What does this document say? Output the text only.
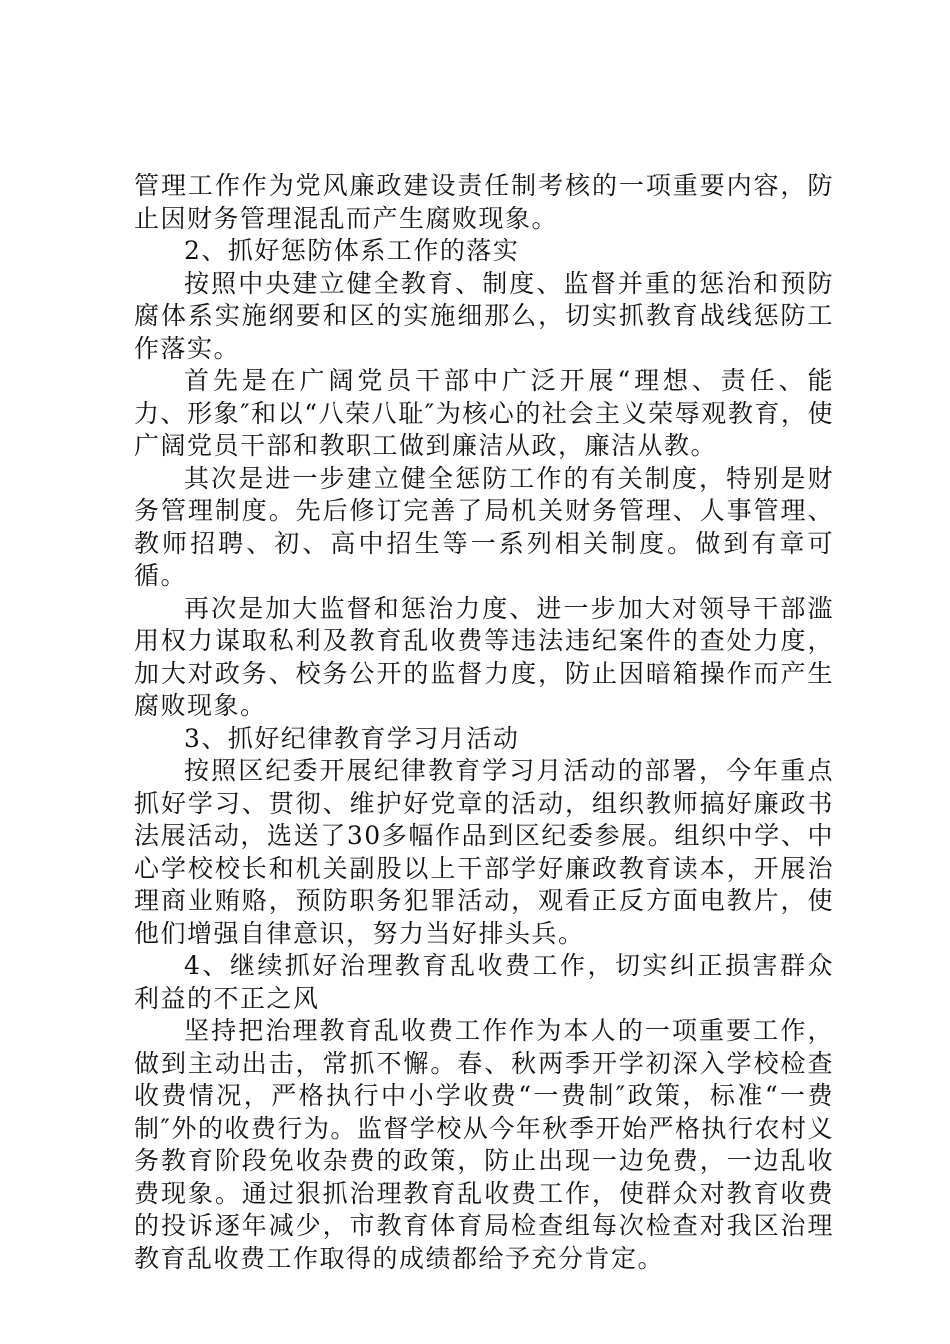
管理工作作为党风廉政建设责任制考核的一项重要内容，防止因财务管理混乱而产生腐败现象。

2、抓好惩防体系工作的落实

按照中央建立健全教育、制度、监督并重的惩治和预防腐体系实施纲要和区的实施细那么，切实抓教育战线惩防工作落实。

首先是在广阔党员干部中广泛开展“理想、责任、能力、形象″和以“八荣八耻″为核心的社会主义荣辱观教育，使广阔党员干部和教职工做到廉洁从政，廉洁从教。

其次是进一步建立健全惩防工作的有关制度，特别是财务管理制度。先后修订完善了局机关财务管理、人事管理、教师招聘、初、高中招生等一系列相关制度。做到有章可循。

再次是加大监督和惩治力度、进一步加大对领导干部滥用权力谋取私利及教育乱收费等违法违纪案件的查处力度，加大对政务、校务公开的监督力度，防止因暗箱操作而产生腐败现象。

3、抓好纪律教育学习月活动

按照区纪委开展纪律教育学习月活动的部署，今年重点抓好学习、贯彻、维护好党章的活动，组织教师搞好廉政书法展活动，选送了30多幅作品到区纪委参展。组织中学、中心学校校长和机关副股以上干部学好廉政教育读本，开展治理商业贿赂，预防职务犯罪活动，观看正反方面电教片，使他们增强自律意识，努力当好排头兵。

4、继续抓好治理教育乱收费工作，切实纠正损害群众利益的不正之风

坚持把治理教育乱收费工作作为本人的一项重要工作，做到主动出击，常抓不懈。春、秋两季开学初深入学校检查收费情况，严格执行中小学收费“一费制″政策，标准“一费制″外的收费行为。监督学校从今年秋季开始严格执行农村义务教育阶段免收杂费的政策，防止出现一边免费，一边乱收费现象。通过狠抓治理教育乱收费工作，使群众对教育收费的投诉逐年减少，市教育体育局检查组每次检查对我区治理教育乱收费工作取得的成绩都给予充分肯定。
